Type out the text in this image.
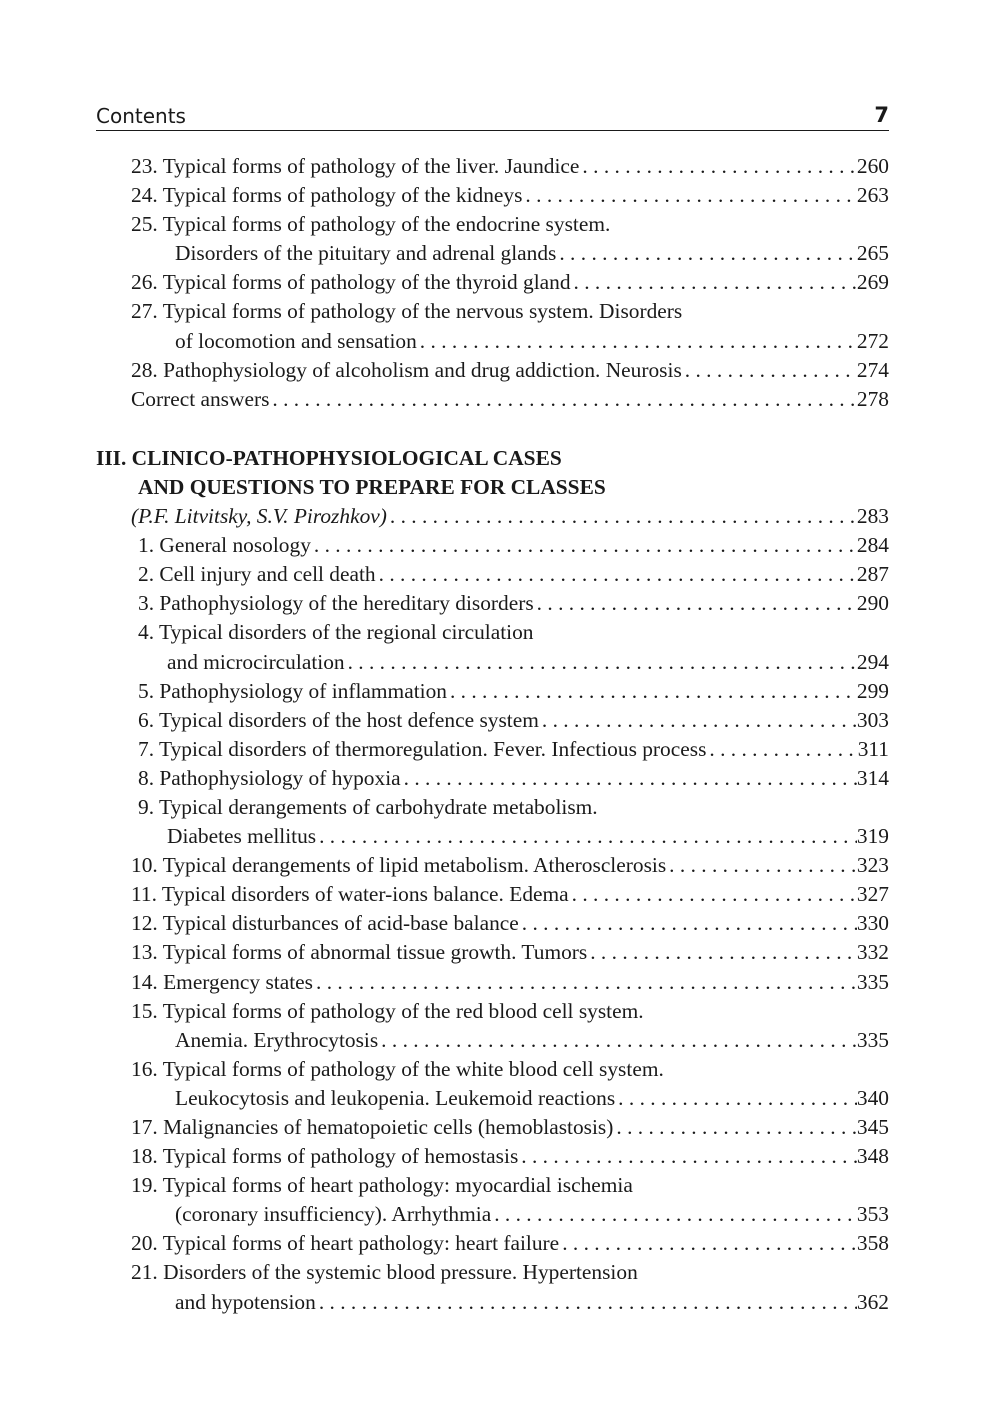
Contents	7
23. Typical forms of pathology of the liver. Jaundice . . .	260
24. Typical forms of pathology of the kidneys . . .	263
25. Typical forms of pathology of the endocrine system.
Disorders of the pituitary and adrenal glands . . .	265
26. Typical forms of pathology of the thyroid gland . . .	269
27. Typical forms of pathology of the nervous system. Disorders
of locomotion and sensation . . .	272
28. Pathophysiology of alcoholism and drug addiction. Neurosis . . .	274
Correct answers . . .	278
III. CLINICO-PATHOPHYSIOLOGICAL CASES
AND QUESTIONS TO PREPARE FOR CLASSES
(P.F. Litvitsky, S.V. Pirozhkov) . . .	283
1. General nosology . . .	284
2. Cell injury and cell death . . .	287
3. Pathophysiology of the hereditary disorders . . .	290
4. Typical disorders of the regional circulation
and microcirculation . . .	294
5. Pathophysiology of inflammation . . .	299
6. Typical disorders of the host defence system . . .	303
7. Typical disorders of thermoregulation. Fever. Infectious process . . .	311
8. Pathophysiology of hypoxia . . .	314
9. Typical derangements of carbohydrate metabolism.
Diabetes mellitus . . .	319
10. Typical derangements of lipid metabolism. Atherosclerosis . . .	323
11. Typical disorders of water-ions balance. Edema . . .	327
12. Typical disturbances of acid-base balance . . .	330
13. Typical forms of abnormal tissue growth. Tumors . . .	332
14. Emergency states . . .	335
15. Typical forms of pathology of the red blood cell system.
Anemia. Erythrocytosis . . .	335
16. Typical forms of pathology of the white blood cell system.
Leukocytosis and leukopenia. Leukemoid reactions . . .	340
17. Malignancies of hematopoietic cells (hemoblastosis) . . .	345
18. Typical forms of pathology of hemostasis . . .	348
19. Typical forms of heart pathology: myocardial ischemia
(coronary insufficiency). Arrhythmia . . .	353
20. Typical forms of heart pathology: heart failure . . .	358
21. Disorders of the systemic blood pressure. Hypertension
and hypotension . . .	362
